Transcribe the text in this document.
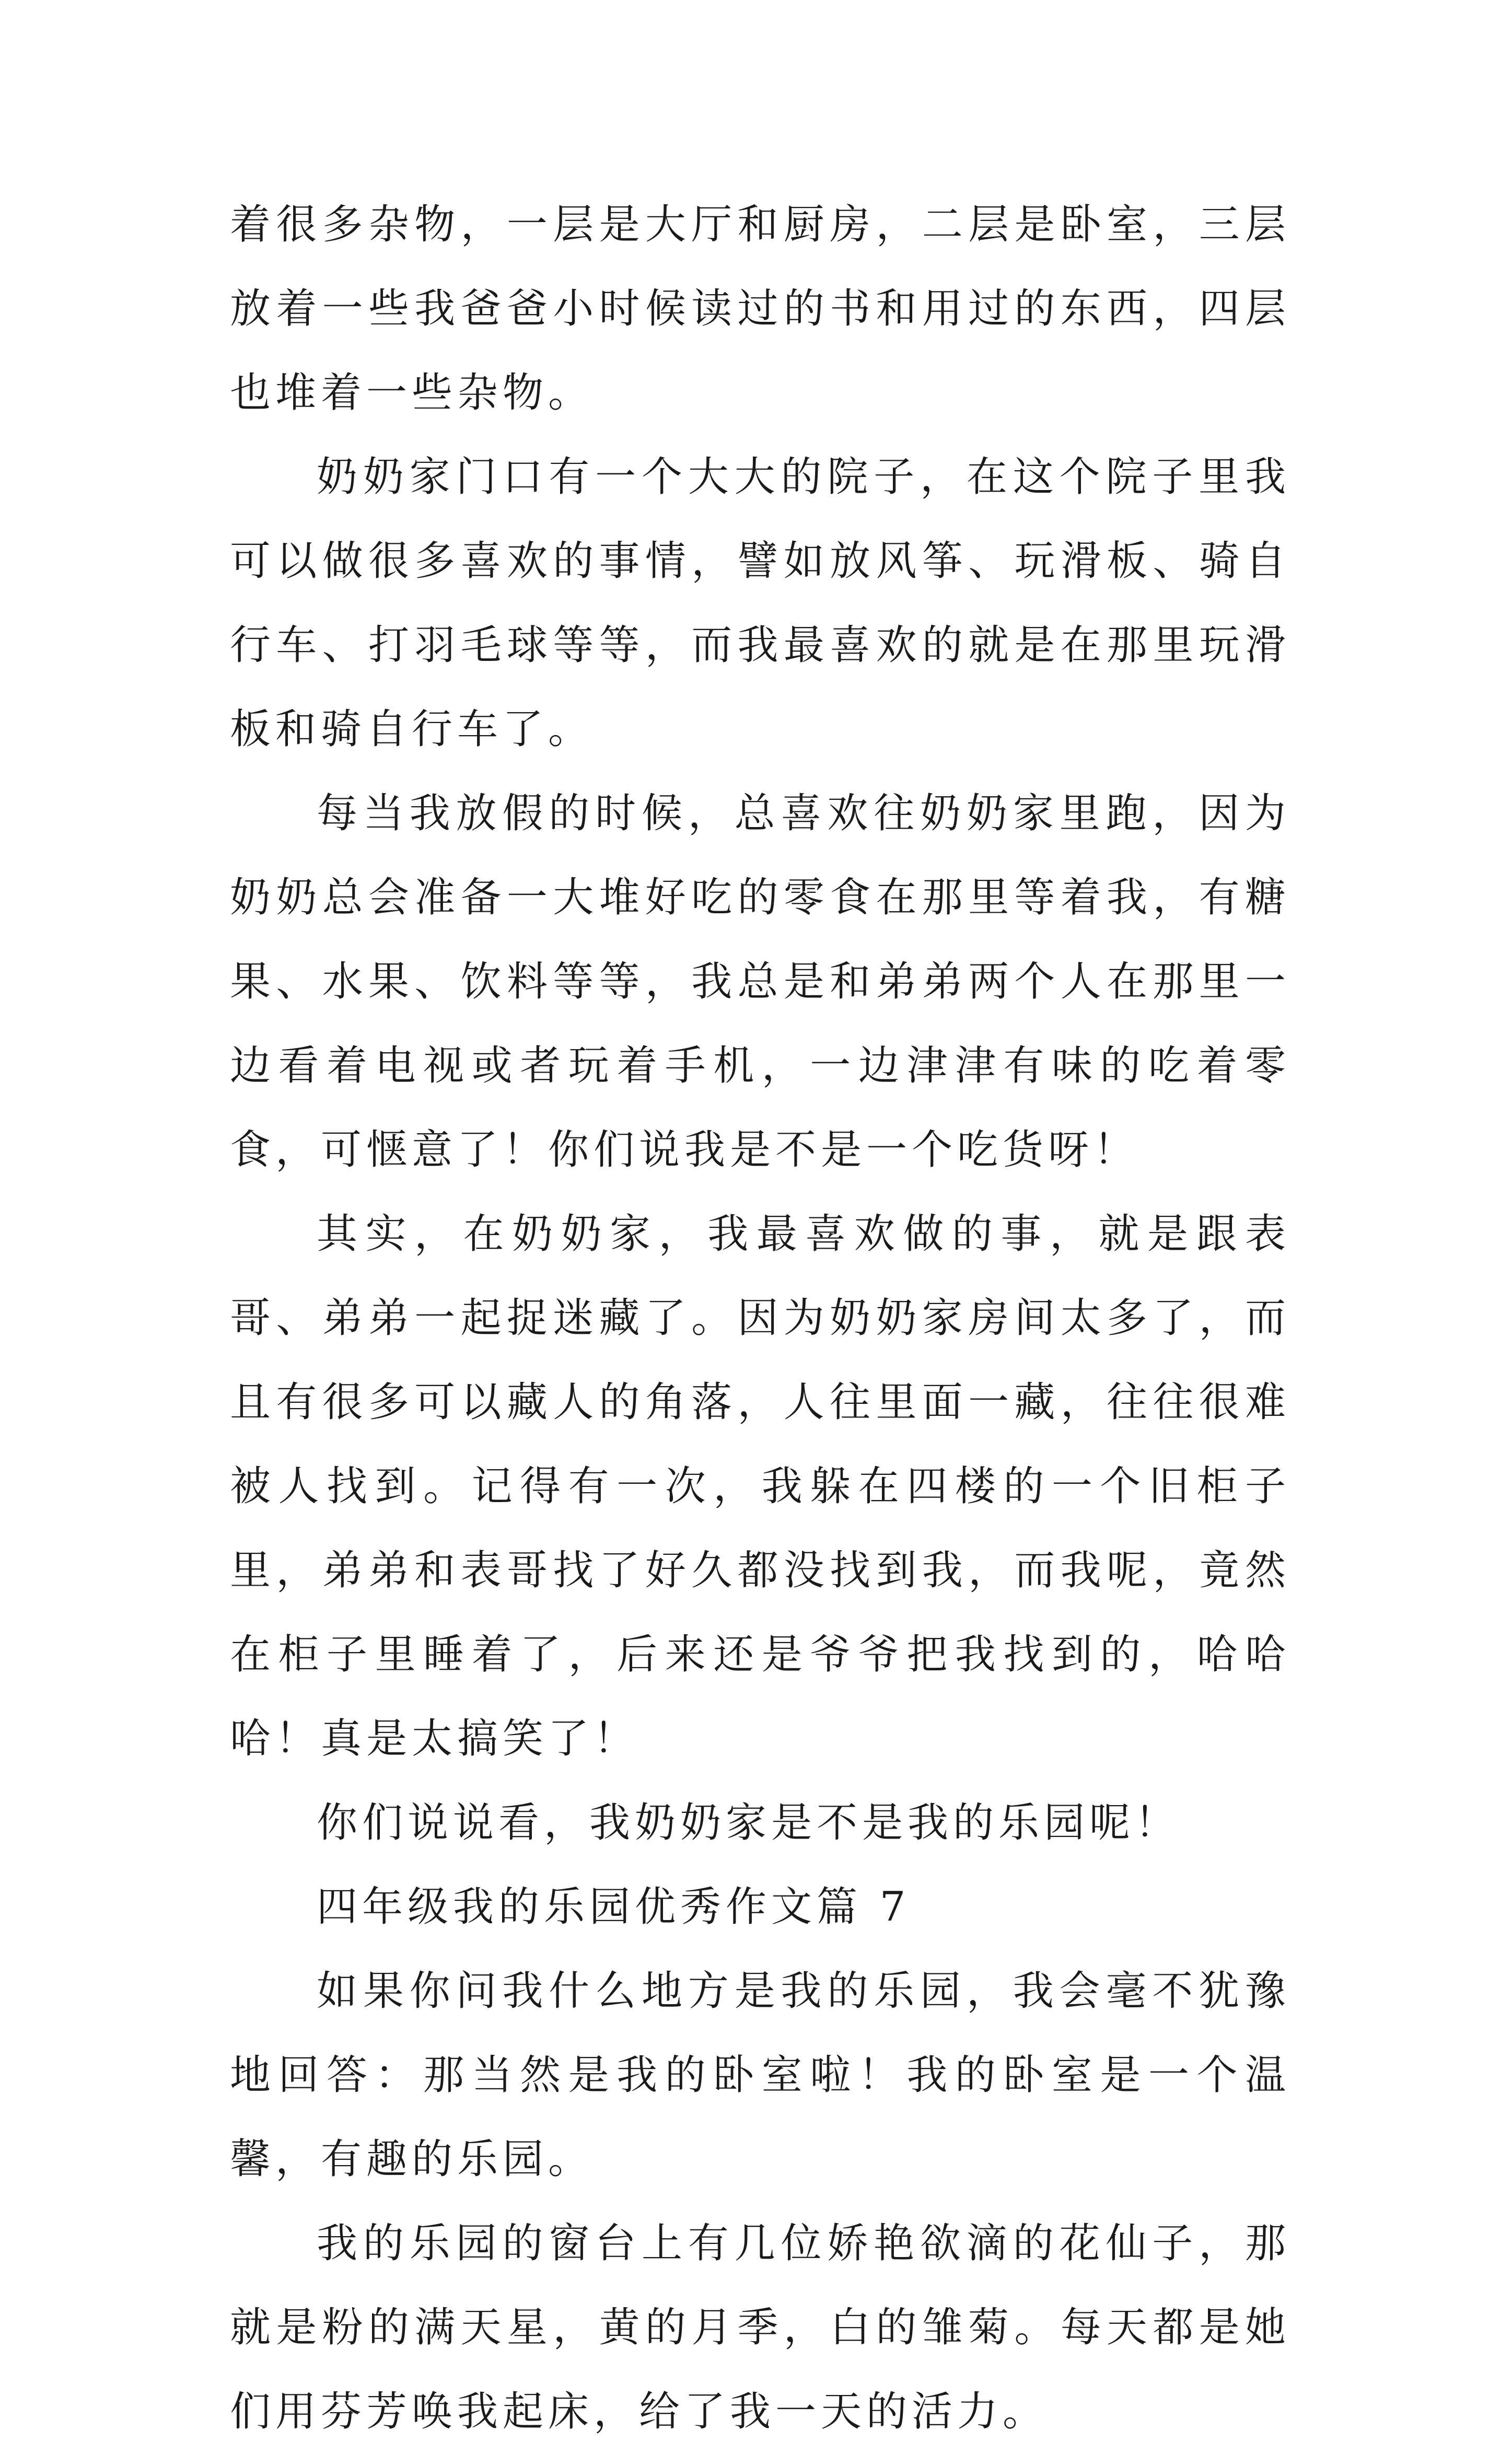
着很多杂物，一层是大厅和厨房，二层是卧室，三层放着一些我爸爸小时候读过的书和用过的东西，四层也堆着一些杂物。

奶奶家门口有一个大大的院子，在这个院子里我可以做很多喜欢的事情，譬如放风筝、玩滑板、骑自行车、打羽毛球等等，而我最喜欢的就是在那里玩滑板和骑自行车了。

每当我放假的时候，总喜欢往奶奶家里跑，因为奶奶总会准备一大堆好吃的零食在那里等着我，有糖果、水果、饮料等等，我总是和弟弟两个人在那里一边看着电视或者玩着手机，一边津津有味的吃着零食，可惬意了！你们说我是不是一个吃货呀！

其实，在奶奶家，我最喜欢做的事，就是跟表哥、弟弟一起捉迷藏了。因为奶奶家房间太多了，而且有很多可以藏人的角落，人往里面一藏，往往很难被人找到。记得有一次，我躲在四楼的一个旧柜子里，弟弟和表哥找了好久都没找到我，而我呢，竟然在柜子里睡着了，后来还是爷爷把我找到的，哈哈哈！真是太搞笑了！

你们说说看，我奶奶家是不是我的乐园呢！

四年级我的乐园优秀作文篇 7

如果你问我什么地方是我的乐园，我会毫不犹豫地回答：那当然是我的卧室啦！我的卧室是一个温馨，有趣的乐园。

我的乐园的窗台上有几位娇艳欲滴的花仙子，那就是粉的满天星，黄的月季，白的雏菊。每天都是她们用芬芳唤我起床，给了我一天的活力。
